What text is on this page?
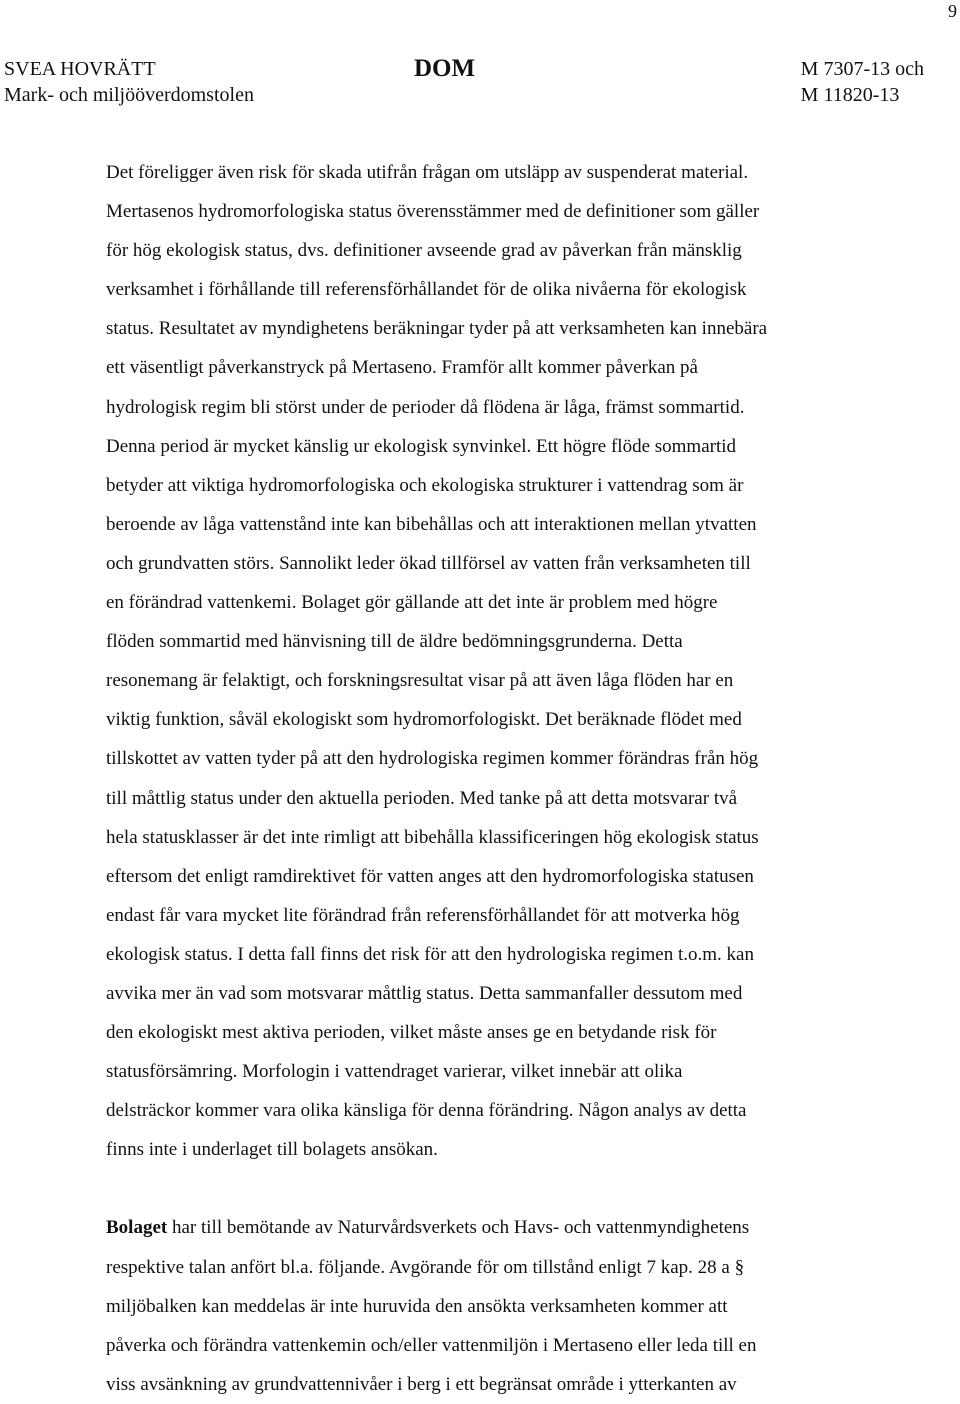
9
SVEA HOVRÄTT
Mark- och miljööverdomstolen
DOM	M 7307-13 och
M 11820-13

Det föreligger även risk för skada utifrån frågan om utsläpp av suspenderat material.
Mertasenos hydromorfologiska status överensstämmer med de definitioner som gäller
för hög ekologisk status, dvs. definitioner avseende grad av påverkan från mänsklig
verksamhet i förhållande till referensförhållandet för de olika nivåerna för ekologisk
status. Resultatet av myndighetens beräkningar tyder på att verksamheten kan innebära
ett väsentligt påverkanstryck på Mertaseno. Framför allt kommer påverkan på
hydrologisk regim bli störst under de perioder då flödena är låga, främst sommartid.
Denna period är mycket känslig ur ekologisk synvinkel. Ett högre flöde sommartid
betyder att viktiga hydromorfologiska och ekologiska strukturer i vattendrag som är
beroende av låga vattenstånd inte kan bibehållas och att interaktionen mellan ytvatten
och grundvatten störs. Sannolikt leder ökad tillförsel av vatten från verksamheten till
en förändrad vattenkemi. Bolaget gör gällande att det inte är problem med högre
flöden sommartid med hänvisning till de äldre bedömningsgrunderna. Detta
resonemang är felaktigt, och forskningsresultat visar på att även låga flöden har en
viktig funktion, såväl ekologiskt som hydromorfologiskt. Det beräknade flödet med
tillskottet av vatten tyder på att den hydrologiska regimen kommer förändras från hög
till måttlig status under den aktuella perioden. Med tanke på att detta motsvarar två
hela statusklasser är det inte rimligt att bibehålla klassificeringen hög ekologisk status
eftersom det enligt ramdirektivet för vatten anges att den hydromorfologiska statusen
endast får vara mycket lite förändrad från referensförhållandet för att motverka hög
ekologisk status. I detta fall finns det risk för att den hydrologiska regimen t.o.m. kan
avvika mer än vad som motsvarar måttlig status. Detta sammanfaller dessutom med
den ekologiskt mest aktiva perioden, vilket måste anses ge en betydande risk för
statusförsämring. Morfologin i vattendraget varierar, vilket innebär att olika
delsträckor kommer vara olika känsliga för denna förändring. Någon analys av detta
finns inte i underlaget till bolagets ansökan.

Bolaget har till bemötande av Naturvårdsverkets och Havs- och vattenmyndighetens
respektive talan anfört bl.a. följande. Avgörande för om tillstånd enligt 7 kap. 28 a §
miljöbalken kan meddelas är inte huruvida den ansökta verksamheten kommer att
påverka och förändra vattenkemin och/eller vattenmiljön i Mertaseno eller leda till en
viss avsänkning av grundvattennivåer i berg i ett begränsat område i ytterkanten av
